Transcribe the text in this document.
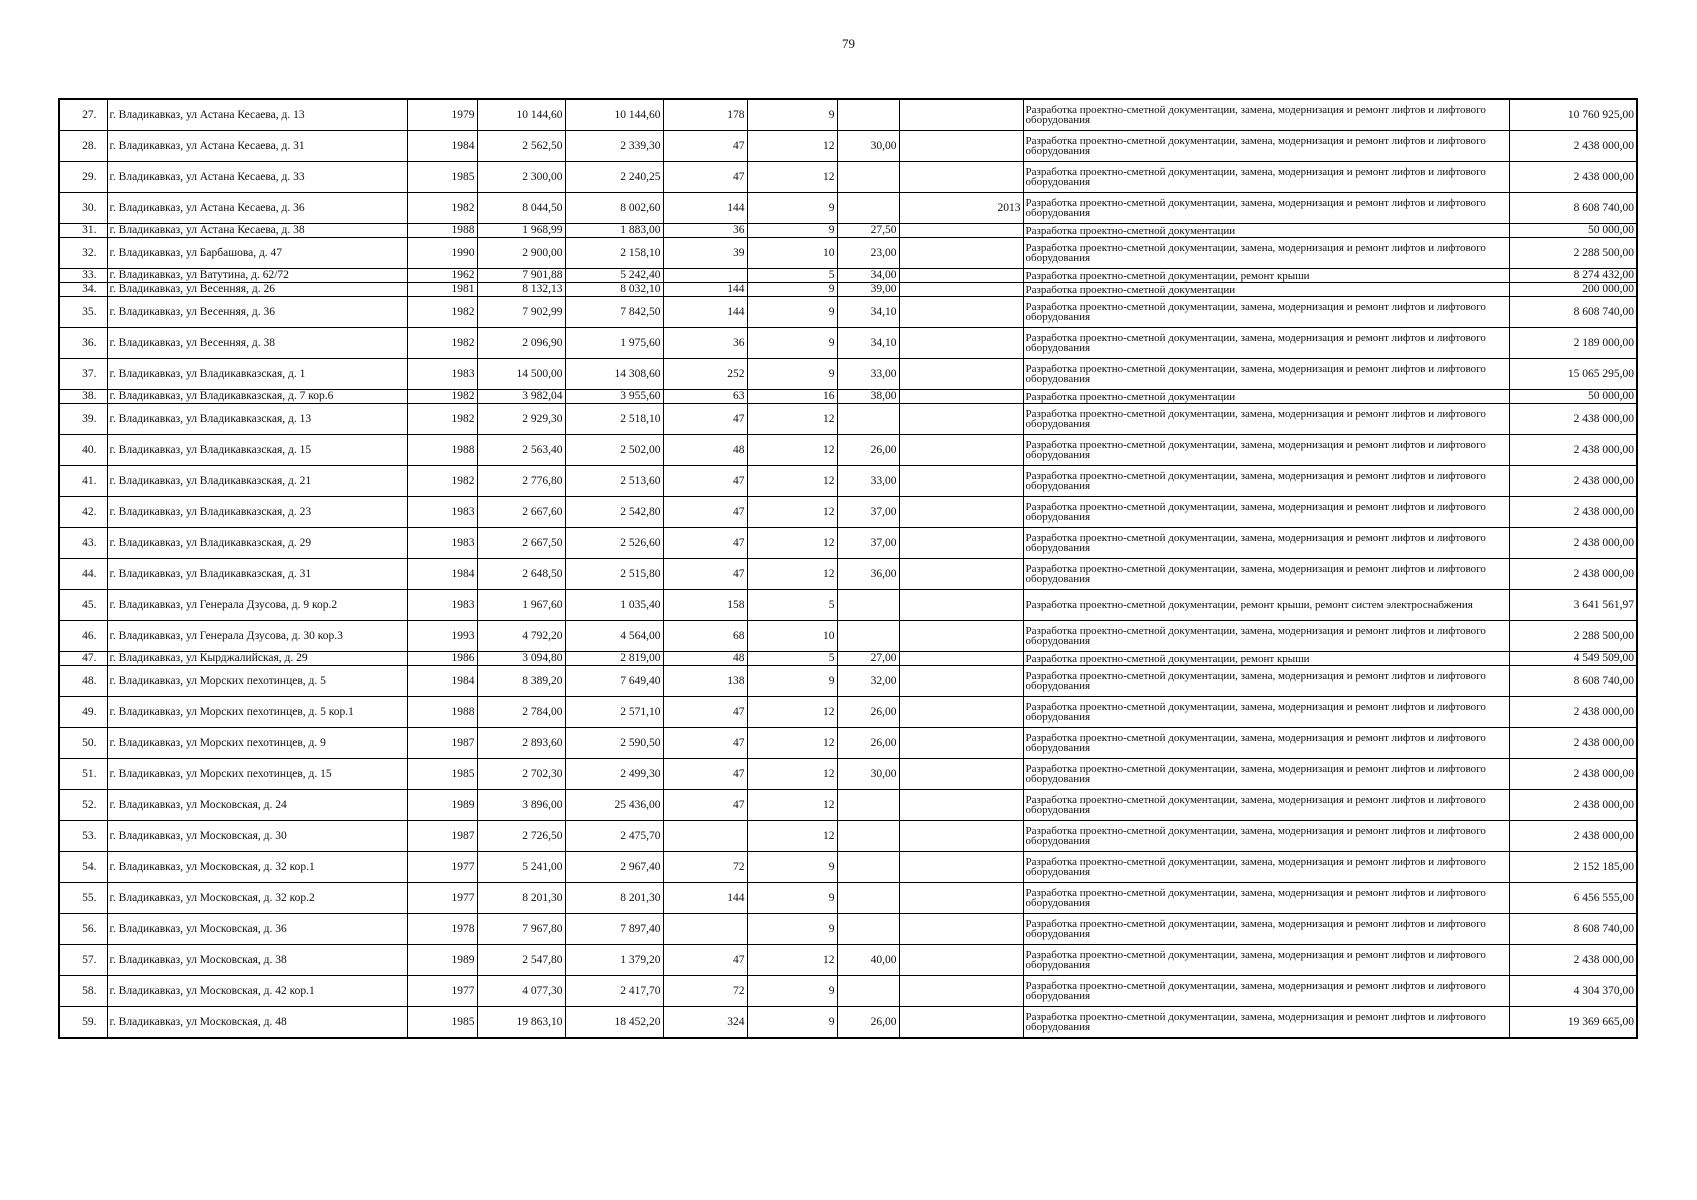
79
27.	г. Владикавказ, ул Астана Кесаева, д. 13	1979	10 144,60	10 144,60	178	9			Разработка проектно-сметной документации, замена, модернизация и ремонт лифтов и лифтового оборудования	10 760 925,00
28.	г. Владикавказ, ул Астана Кесаева, д. 31	1984	2 562,50	2 339,30	47	12	30,00		Разработка проектно-сметной документации, замена, модернизация и ремонт лифтов и лифтового оборудования	2 438 000,00
29.	г. Владикавказ, ул Астана Кесаева, д. 33	1985	2 300,00	2 240,25	47	12			Разработка проектно-сметной документации, замена, модернизация и ремонт лифтов и лифтового оборудования	2 438 000,00
30.	г. Владикавказ, ул Астана Кесаева, д. 36	1982	8 044,50	8 002,60	144	9		2013	Разработка проектно-сметной документации, замена, модернизация и ремонт лифтов и лифтового оборудования	8 608 740,00
31.	г. Владикавказ, ул Астана Кесаева, д. 38	1988	1 968,99	1 883,00	36	9	27,50		Разработка проектно-сметной документации	50 000,00
32.	г. Владикавказ, ул Барбашова, д. 47	1990	2 900,00	2 158,10	39	10	23,00		Разработка проектно-сметной документации, замена, модернизация и ремонт лифтов и лифтового оборудования	2 288 500,00
33.	г. Владикавказ, ул Ватутина, д. 62/72	1962	7 901,88	5 242,40		5	34,00		Разработка проектно-сметной документации, ремонт крыши	8 274 432,00
34.	г. Владикавказ, ул Весенняя, д. 26	1981	8 132,13	8 032,10	144	9	39,00		Разработка проектно-сметной документации	200 000,00
35.	г. Владикавказ, ул Весенняя, д. 36	1982	7 902,99	7 842,50	144	9	34,10		Разработка проектно-сметной документации, замена, модернизация и ремонт лифтов и лифтового оборудования	8 608 740,00
36.	г. Владикавказ, ул Весенняя, д. 38	1982	2 096,90	1 975,60	36	9	34,10		Разработка проектно-сметной документации, замена, модернизация и ремонт лифтов и лифтового оборудования	2 189 000,00
37.	г. Владикавказ, ул Владикавказская, д. 1	1983	14 500,00	14 308,60	252	9	33,00		Разработка проектно-сметной документации, замена, модернизация и ремонт лифтов и лифтового оборудования	15 065 295,00
38.	г. Владикавказ, ул Владикавказская, д. 7 кор.6	1982	3 982,04	3 955,60	63	16	38,00		Разработка проектно-сметной документации	50 000,00
39.	г. Владикавказ, ул Владикавказская, д. 13	1982	2 929,30	2 518,10	47	12			Разработка проектно-сметной документации, замена, модернизация и ремонт лифтов и лифтового оборудования	2 438 000,00
40.	г. Владикавказ, ул Владикавказская, д. 15	1988	2 563,40	2 502,00	48	12	26,00		Разработка проектно-сметной документации, замена, модернизация и ремонт лифтов и лифтового оборудования	2 438 000,00
41.	г. Владикавказ, ул Владикавказская, д. 21	1982	2 776,80	2 513,60	47	12	33,00		Разработка проектно-сметной документации, замена, модернизация и ремонт лифтов и лифтового оборудования	2 438 000,00
42.	г. Владикавказ, ул Владикавказская, д. 23	1983	2 667,60	2 542,80	47	12	37,00		Разработка проектно-сметной документации, замена, модернизация и ремонт лифтов и лифтового оборудования	2 438 000,00
43.	г. Владикавказ, ул Владикавказская, д. 29	1983	2 667,50	2 526,60	47	12	37,00		Разработка проектно-сметной документации, замена, модернизация и ремонт лифтов и лифтового оборудования	2 438 000,00
44.	г. Владикавказ, ул Владикавказская, д. 31	1984	2 648,50	2 515,80	47	12	36,00		Разработка проектно-сметной документации, замена, модернизация и ремонт лифтов и лифтового оборудования	2 438 000,00
45.	г. Владикавказ, ул Генерала Дзусова, д. 9 кор.2	1983	1 967,60	1 035,40	158	5			Разработка проектно-сметной документации, ремонт крыши, ремонт систем электроснабжения	3 641 561,97
46.	г. Владикавказ, ул Генерала Дзусова, д. 30 кор.3	1993	4 792,20	4 564,00	68	10			Разработка проектно-сметной документации, замена, модернизация и ремонт лифтов и лифтового оборудования	2 288 500,00
47.	г. Владикавказ, ул Кырджалийская, д. 29	1986	3 094,80	2 819,00	48	5	27,00		Разработка проектно-сметной документации, ремонт крыши	4 549 509,00
48.	г. Владикавказ, ул Морских пехотинцев, д. 5	1984	8 389,20	7 649,40	138	9	32,00		Разработка проектно-сметной документации, замена, модернизация и ремонт лифтов и лифтового оборудования	8 608 740,00
49.	г. Владикавказ, ул Морских пехотинцев, д. 5 кор.1	1988	2 784,00	2 571,10	47	12	26,00		Разработка проектно-сметной документации, замена, модернизация и ремонт лифтов и лифтового оборудования	2 438 000,00
50.	г. Владикавказ, ул Морских пехотинцев, д. 9	1987	2 893,60	2 590,50	47	12	26,00		Разработка проектно-сметной документации, замена, модернизация и ремонт лифтов и лифтового оборудования	2 438 000,00
51.	г. Владикавказ, ул Морских пехотинцев, д. 15	1985	2 702,30	2 499,30	47	12	30,00		Разработка проектно-сметной документации, замена, модернизация и ремонт лифтов и лифтового оборудования	2 438 000,00
52.	г. Владикавказ, ул Московская, д. 24	1989	3 896,00	25 436,00	47	12			Разработка проектно-сметной документации, замена, модернизация и ремонт лифтов и лифтового оборудования	2 438 000,00
53.	г. Владикавказ, ул Московская, д. 30	1987	2 726,50	2 475,70		12			Разработка проектно-сметной документации, замена, модернизация и ремонт лифтов и лифтового оборудования	2 438 000,00
54.	г. Владикавказ, ул Московская, д. 32 кор.1	1977	5 241,00	2 967,40	72	9			Разработка проектно-сметной документации, замена, модернизация и ремонт лифтов и лифтового оборудования	2 152 185,00
55.	г. Владикавказ, ул Московская, д. 32 кор.2	1977	8 201,30	8 201,30	144	9			Разработка проектно-сметной документации, замена, модернизация и ремонт лифтов и лифтового оборудования	6 456 555,00
56.	г. Владикавказ, ул Московская, д. 36	1978	7 967,80	7 897,40		9			Разработка проектно-сметной документации, замена, модернизация и ремонт лифтов и лифтового оборудования	8 608 740,00
57.	г. Владикавказ, ул Московская, д. 38	1989	2 547,80	1 379,20	47	12	40,00		Разработка проектно-сметной документации, замена, модернизация и ремонт лифтов и лифтового оборудования	2 438 000,00
58.	г. Владикавказ, ул Московская, д. 42 кор.1	1977	4 077,30	2 417,70	72	9			Разработка проектно-сметной документации, замена, модернизация и ремонт лифтов и лифтового оборудования	4 304 370,00
59.	г. Владикавказ, ул Московская, д. 48	1985	19 863,10	18 452,20	324	9	26,00		Разработка проектно-сметной документации, замена, модернизация и ремонт лифтов и лифтового оборудования	19 369 665,00
